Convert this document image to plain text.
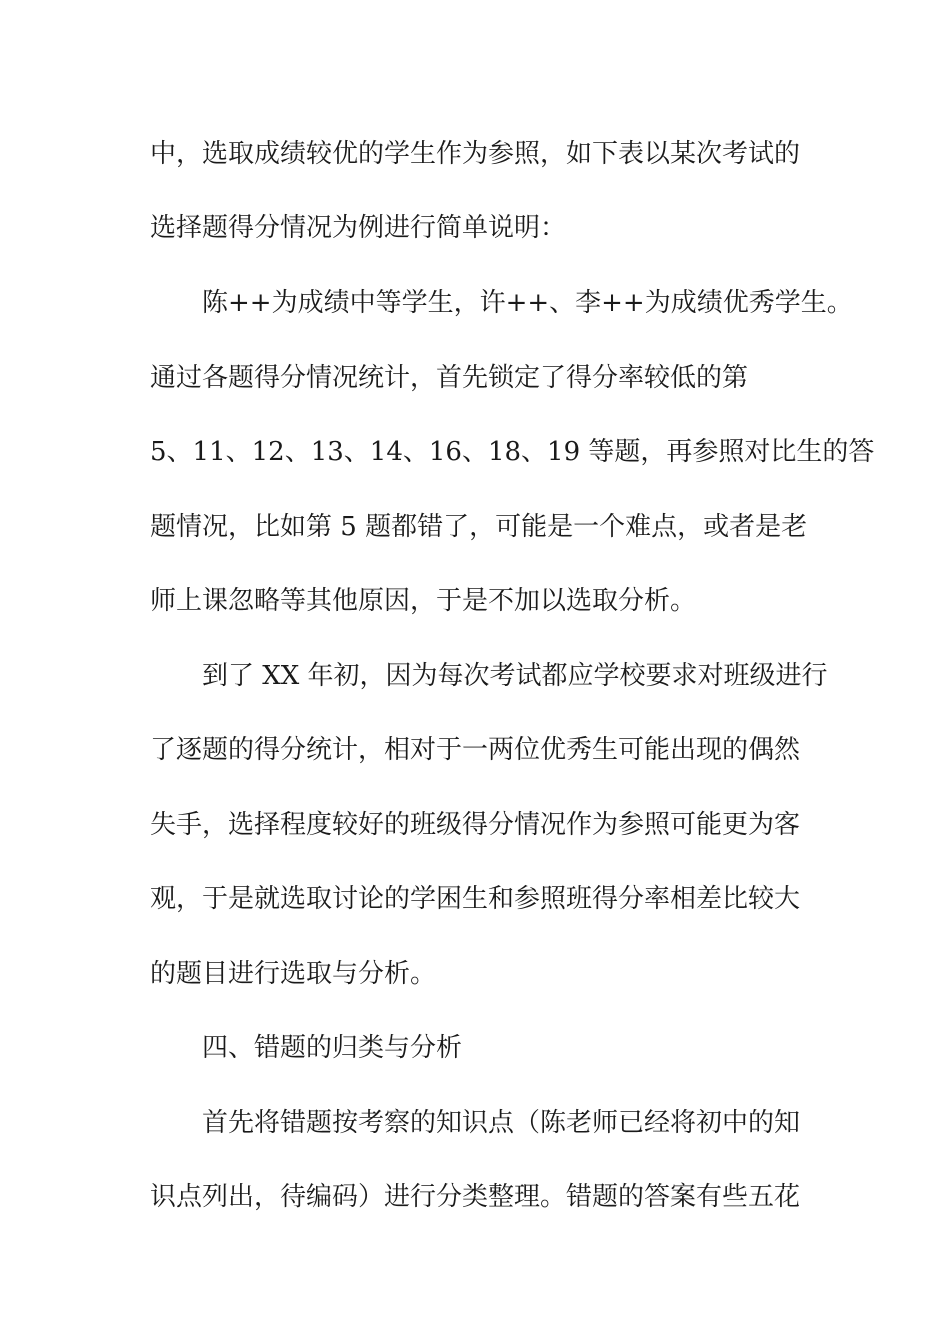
中，选取成绩较优的学生作为参照，如下表以某次考试的
选择题得分情况为例进行简单说明：
陈++为成绩中等学生，许++、李++为成绩优秀学生。
通过各题得分情况统计，首先锁定了得分率较低的第
5、11、12、13、14、16、18、19 等题，再参照对比生的答
题情况，比如第 5 题都错了，可能是一个难点，或者是老
师上课忽略等其他原因，于是不加以选取分析。
到了 XX 年初，因为每次考试都应学校要求对班级进行
了逐题的得分统计，相对于一两位优秀生可能出现的偶然
失手，选择程度较好的班级得分情况作为参照可能更为客
观，于是就选取讨论的学困生和参照班得分率相差比较大
的题目进行选取与分析。
四、错题的归类与分析
首先将错题按考察的知识点（陈老师已经将初中的知
识点列出，待编码）进行分类整理。错题的答案有些五花
